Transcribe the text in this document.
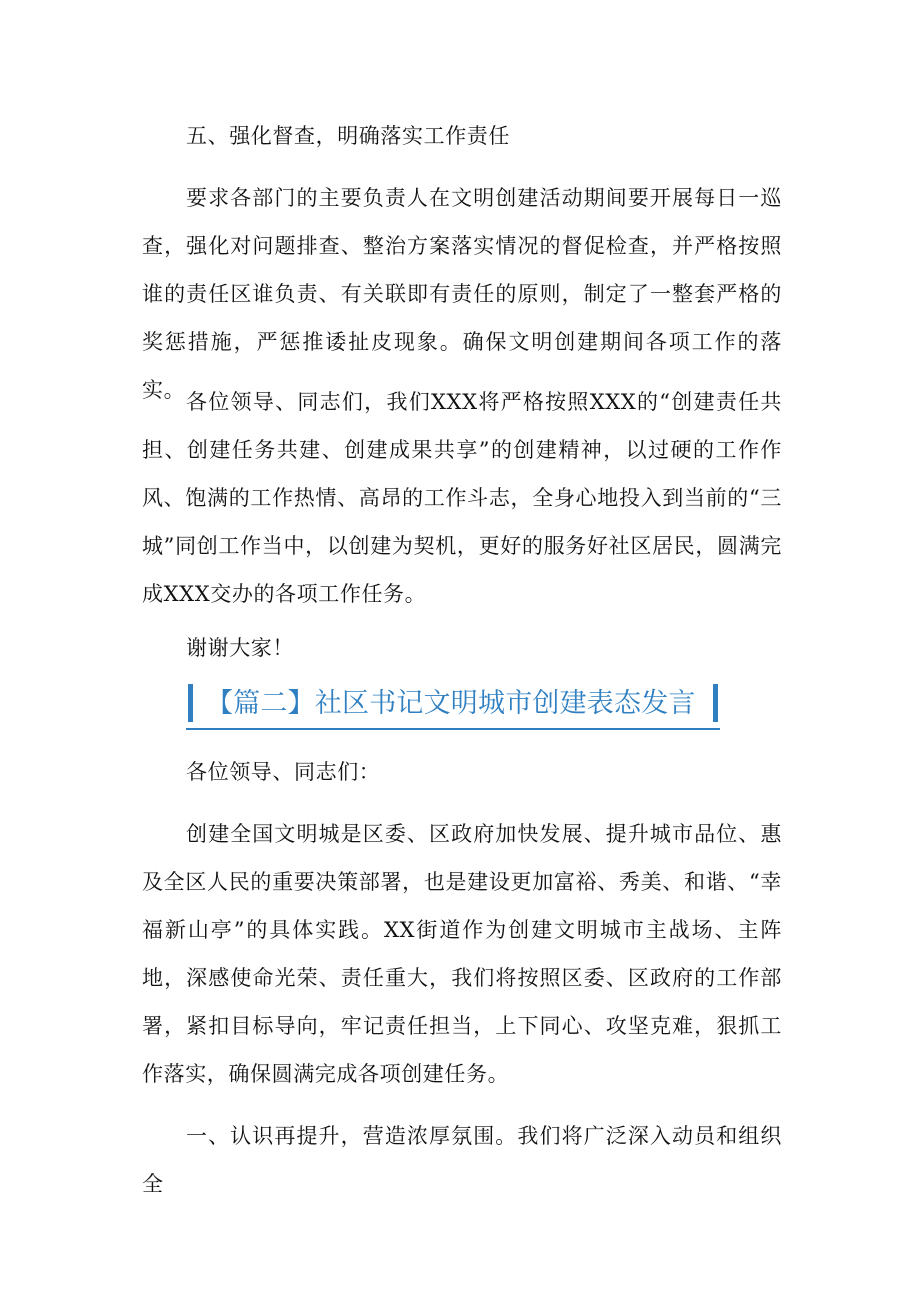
五、强化督查，明确落实工作责任

要求各部门的主要负责人在文明创建活动期间要开展每日一巡查，强化对问题排查、整治方案落实情况的督促检查，并严格按照谁的责任区谁负责、有关联即有责任的原则，制定了一整套严格的奖惩措施，严惩推诿扯皮现象。确保文明创建期间各项工作的落实。 各位领导、同志们，我们XXX将严格按照XXX的“创建责任共担、创建任务共建、创建成果共享”的创建精神，以过硬的工作作风、饱满的工作热情、高昂的工作斗志，全身心地投入到当前的“三城”同创工作当中，以创建为契机，更好的服务好社区居民，圆满完成XXX交办的各项工作任务。

谢谢大家！

【篇二】社区书记文明城市创建表态发言

各位领导、同志们：

创建全国文明城是区委、区政府加快发展、提升城市品位、惠及全区人民的重要决策部署，也是建设更加富裕、秀美、和谐、“幸福新山亭”的具体实践。XX街道作为创建文明城市主战场、主阵地，深感使命光荣、责任重大，我们将按照区委、区政府的工作部署，紧扣目标导向，牢记责任担当，上下同心、攻坚克难，狠抓工作落实，确保圆满完成各项创建任务。

一、认识再提升，营造浓厚氛围。我们将广泛深入动员和组织全
